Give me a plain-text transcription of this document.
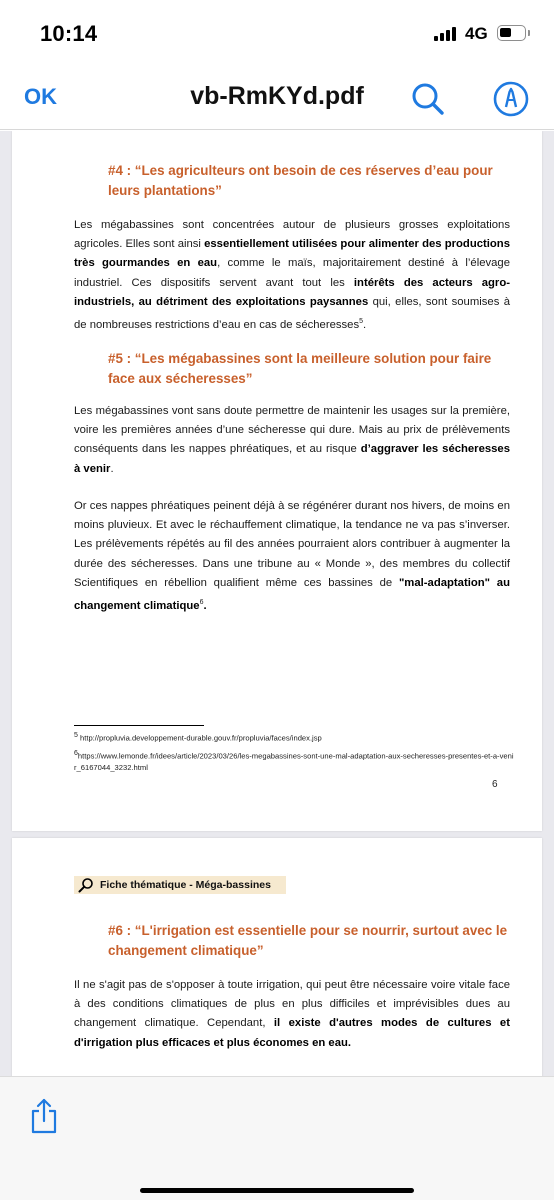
10:14	4G
OK	vb-RmKYd.pdf
#4 : “Les agriculteurs ont besoin de ces réserves d’eau pour leurs plantations”
Les mégabassines sont concentrées autour de plusieurs grosses exploitations agricoles. Elles sont ainsi essentiellement utilisées pour alimenter des productions très gourmandes en eau, comme le maïs, majoritairement destiné à l’élevage industriel. Ces dispositifs servent avant tout les intérêts des acteurs agro-industriels, au détriment des exploitations paysannes qui, elles, sont soumises à de nombreuses restrictions d’eau en cas de sécheresses$^5$.
#5 : “Les mégabassines sont la meilleure solution pour faire face aux sécheresses”
Les mégabassines vont sans doute permettre de maintenir les usages sur la première, voire les premières années d’une sécheresse qui dure. Mais au prix de prélèvements conséquents dans les nappes phréatiques, et au risque d’aggraver les sécheresses à venir.
Or ces nappes phréatiques peinent déjà à se régénérer durant nos hivers, de moins en moins pluvieux. Et avec le réchauffement climatique, la tendance ne va pas s’inverser. Les prélèvements répétés au fil des années pourraient alors contribuer à augmenter la durée des sécheresses. Dans une tribune au « Monde », des membres du collectif Scientifiques en rébellion qualifient même ces bassines de "mal-adaptation" au changement climatique$^6$.
$^5$ http://propluvia.developpement-durable.gouv.fr/propluvia/faces/index.jsp
$^6$https://www.lemonde.fr/idees/article/2023/03/26/les-megabassines-sont-une-mal-adaptation-aux-secheresses-presentes-et-a-venir_6167044_3232.html
6
Fiche thématique - Méga-bassines
#6 : “L'irrigation est essentielle pour se nourrir, surtout avec le changement climatique”
Il ne s'agit pas de s'opposer à toute irrigation, qui peut être nécessaire voire vitale face à des conditions climatiques de plus en plus difficiles et imprévisibles dues au changement climatique. Cependant, il existe d'autres modes de cultures et d'irrigation plus efficaces et plus économes en eau.
